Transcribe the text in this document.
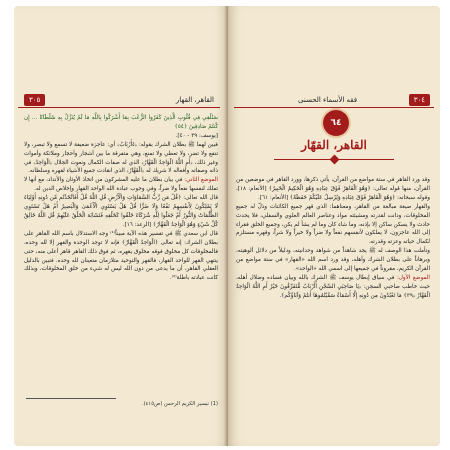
٣٠٥	القاهر، القهار
سَنُلْقِي فِي قُلُوبِ الَّذِينَ كَفَرُوا الرُّعْبَ بِمَا أَشْرَكُوا بِاللَّهِ مَا لَمْ يُنَزِّلْ بِهِ سُلْطَانًا ... إِن كُنتُمْ صَادِقِينَ ﴿٥٤﴾
[يوسف: ٣٩ - ٤٠].
فبين لهما ﷺ بطلان الشرك بقوله: ﴿ءَأَرْبَابٌ﴾ أي: عاجزة ضعيفة لا تسمع ولا تبصر، ولا تنفع ولا تضر، ولا تعطي ولا تمنع، وهي متفرقة ما بين أشجار وأحجار وملائكة وأموات وغير ذلك، ﴿أَمِ اللَّهُ الْوَاحِدُ الْقَهَّارُ﴾ الذي له صفات الكمال ونعوت الجلال ﴿الْوَاحِدُ﴾ في ذاته وصفاته وأفعاله لا شريك له ﴿الْقَهَّارُ﴾ الذي انقادت جميع الأشياء لقهره وسلطانه.
الموضع الثاني: في بيان بطلان ما عليه المشركون من اتخاذ الأوثان والأنداد، مع أنها لا تملك لنفسها نفعاً ولا ضراً، وفي وجوب عبادة الله الواحد القهار وإخلاص الدين له.
قال الله تعالى: ﴿قُلْ مَن رَّبُّ السَّمَاوَاتِ وَالْأَرْضِ قُلِ اللَّهُ قُلْ أَفَاتَّخَذْتُم مِّن دُونِهِ أَوْلِيَاءَ لَا يَمْلِكُونَ لِأَنفُسِهِمْ نَفْعًا وَلَا ضَرًّا قُلْ هَلْ يَسْتَوِي الْأَعْمَىٰ وَالْبَصِيرُ أَمْ هَلْ تَسْتَوِي الظُّلُمَاتُ وَالنُّورُ أَمْ جَعَلُوا لِلَّهِ شُرَكَاءَ خَلَقُوا كَخَلْقِهِ فَتَشَابَهَ الْخَلْقُ عَلَيْهِمْ قُلِ اللَّهُ خَالِقُ كُلِّ شَيْءٍ وَهُوَ الْوَاحِدُ الْقَهَّارُ﴾ [الرعد: ١٦].
قال ابن سعدي ﷺ في تفسير هذه الآية مبيناً⁽¹⁾ وجه الاستدلال باسم الله القاهر على بطلان الشرك: إنه تعالى ﴿الْوَاحِدُ الْقَهَّارُ﴾ فإنه لا توجد الوحدة والقهر إلا لله وحده، فالمخلوقات كل مخلوق فوقه مخلوق يقهره، ثم فوق ذلك القاهر قاهر أعلى منه، حتى ينتهي القهر للواحد القهار، فالقهر والتوحيد متلازمان متعينان لله وحده. فتبين بالدليل العقلي القاهر، أن ما يدعى من دون الله ليس له شيء من خلق المخلوقات، وبذلك كانت عبادته باطلة⁽²⁾.
(1) تيسير الكريم الرحمن (ص٤١٥).
٣٠٤
فقه الأسماء الحسنى
٦٤
القاهر، القهّار
وقد ورد القاهر في ستة مواضع من القرآن، يأتي ذكرها، وورد القاهر في موضعين من القرآن، منها قوله تعالى: ﴿وَهُوَ الْقَاهِرُ فَوْقَ عِبَادِهِ وَهُوَ الْحَكِيمُ الْخَبِيرُ﴾ [الأنعام: ١٨]، وقوله سبحانه: ﴿وَهُوَ الْقَاهِرُ فَوْقَ عِبَادِهِ وَيُرْسِلُ عَلَيْكُمْ حَفَظَةً﴾ [الأنعام: ٦١].
والقهار صيغة مبالغة من القاهر، ومعناهما: الذي قهر جميع الكائنات وذلّ له جميع المخلوقات، ودانت لقدرته ومشيئته مواد وعناصر العالم العلوي والسفلي، فلا يحدث حادث ولا يسكن ساكن إلا بإذنه، وما شاء كان وما لم يشأ لم يكن، وجميع الخلق فقراء إلى الله عاجزون، لا يملكون لأنفسهم نفعاً ولا ضراً ولا خيراً ولا شراً، وقهره مستلزم لكمال حياته وعزته وقدرته.
وتأملت هذا الوصف له ﷺ يجد شاهداً من شواهد وحدانيته، ودليلاً من دلائل ألوهيته، وبرهاناً على بطلان الشرك وأهله، وقد ورد اسم الله «القهار» في ستة مواضع من القرآن الكريم، مقروناً في جميعها إلى اسمي الله «الواحد».
الموضع الأول: في سياق إبطال يوسف ﷺ الشرك بالله وبيان فساده وضلال أهله، حيث خاطب صاحبي السجن: ﴿يَا صَاحِبَيِ السِّجْنِ أَأَرْبَابٌ مُّتَفَرِّقُونَ خَيْرٌ أَمِ اللَّهُ الْوَاحِدُ الْقَهَّارُ ﴿٣٩﴾ مَا تَعْبُدُونَ مِن دُونِهِ إِلَّا أَسْمَاءً سَمَّيْتُمُوهَا أَنتُمْ وَآبَاؤُكُم﴾.
